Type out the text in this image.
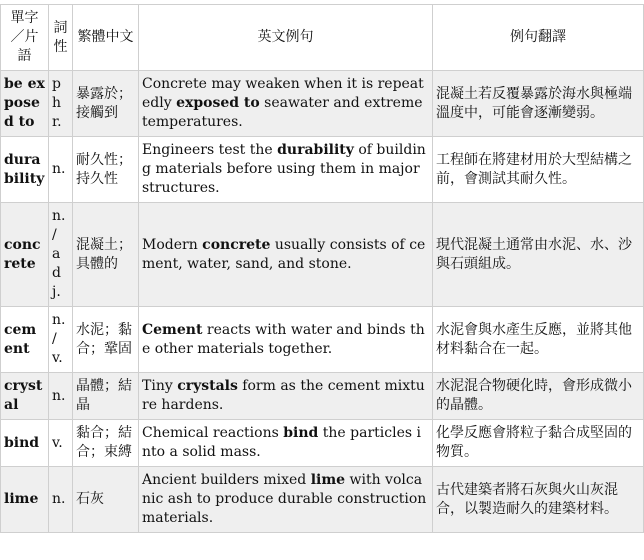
單字／片語	詞性	繁體中文	英文例句	例句翻譯
be exposed to	phr.	暴露於；接觸到	Concrete may weaken when it is repeatedly exposed to seawater and extreme temperatures.	混凝土若反覆暴露於海水與極端溫度中，可能會逐漸變弱。
durability	n.	耐久性；持久性	Engineers test the durability of building materials before using them in major structures.	工程師在將建材用於大型結構之前，會測試其耐久性。
concrete	n. / adj.	混凝土；具體的	Modern concrete usually consists of cement, water, sand, and stone.	現代混凝土通常由水泥、水、沙與石頭組成。
cement	n. / v.	水泥；黏合；鞏固	Cement reacts with water and binds the other materials together.	水泥會與水產生反應，並將其他材料黏合在一起。
crystal	n.	晶體；結晶	Tiny crystals form as the cement mixture hardens.	水泥混合物硬化時，會形成微小的晶體。
bind	v.	黏合；結合；束縛	Chemical reactions bind the particles into a solid mass.	化學反應會將粒子黏合成堅固的物質。
lime	n.	石灰	Ancient builders mixed lime with volcanic ash to produce durable construction materials.	古代建築者將石灰與火山灰混合，以製造耐久的建築材料。
